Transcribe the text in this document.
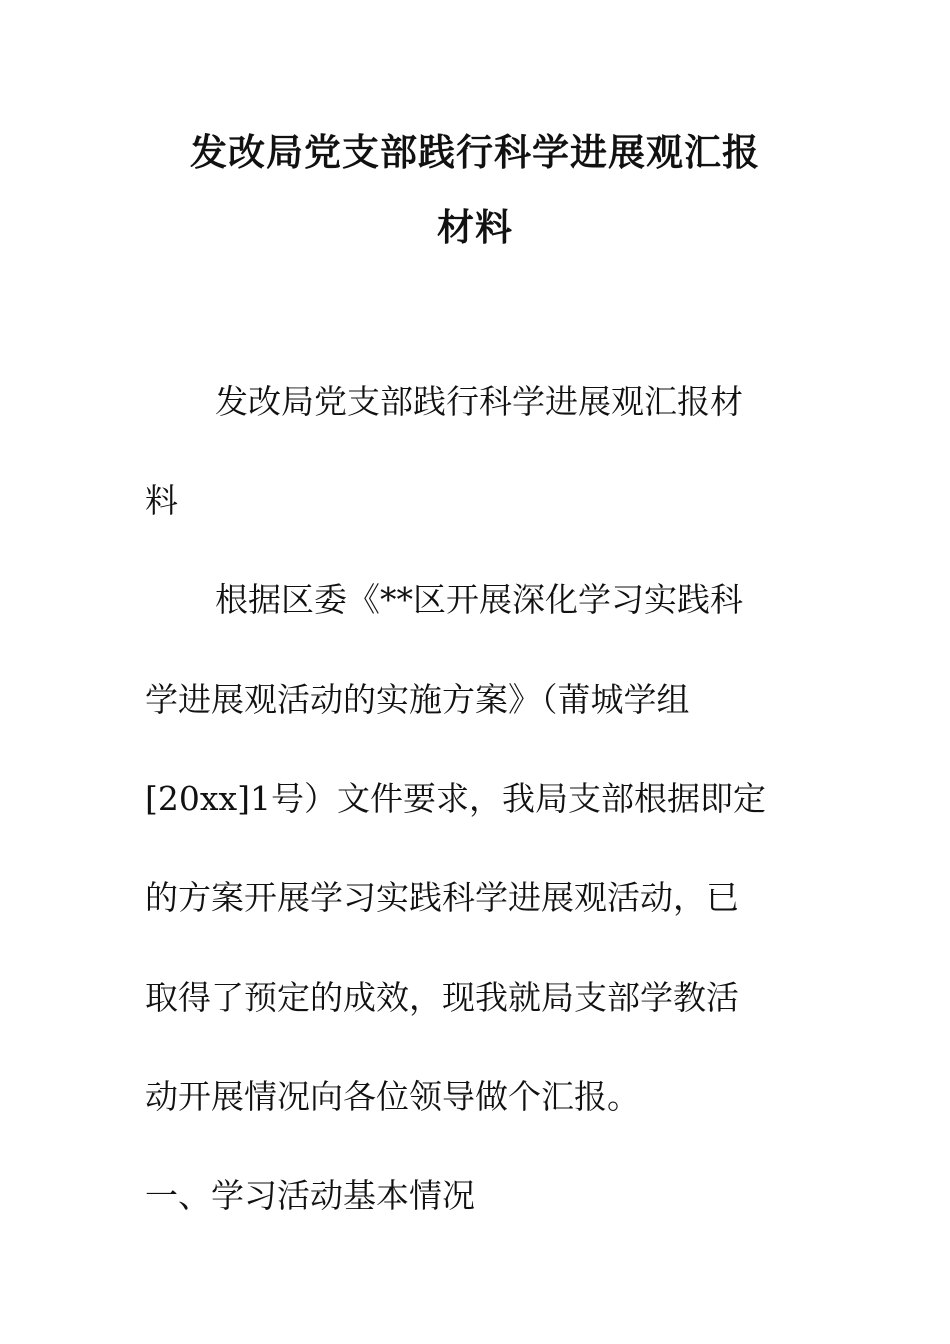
发改局党支部践行科学进展观汇报
材料

发改局党支部践行科学进展观汇报材

料

根据区委《**区开展深化学习实践科

学进展观活动的实施方案》（莆城学组

[20xx]1号）文件要求，我局支部根据即定

的方案开展学习实践科学进展观活动，已

取得了预定的成效，现我就局支部学教活

动开展情况向各位领导做个汇报。

一、学习活动基本情况
